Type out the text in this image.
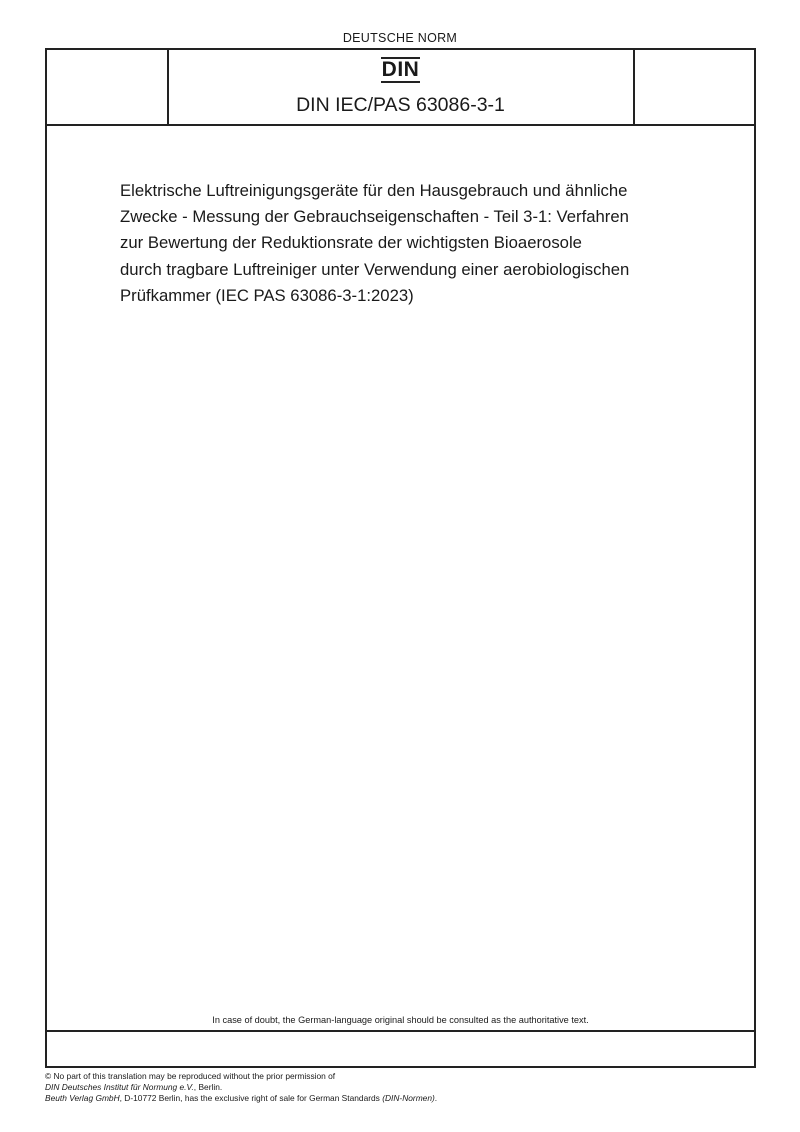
DEUTSCHE NORM
DIN
DIN IEC/PAS 63086-3-1
Elektrische Luftreinigungsgeräte für den Hausgebrauch und ähnliche
Zwecke - Messung der Gebrauchseigenschaften - Teil 3-1: Verfahren
zur Bewertung der Reduktionsrate der wichtigsten Bioaerosole
durch tragbare Luftreiniger unter Verwendung einer aerobiologischen
Prüfkammer (IEC PAS 63086-3-1:2023)
In case of doubt, the German-language original should be consulted as the authoritative text.
© No part of this translation may be reproduced without the prior permission of
DIN Deutsches Institut für Normung e.V., Berlin.
Beuth Verlag GmbH, D-10772 Berlin, has the exclusive right of sale for German Standards (DIN-Normen).
